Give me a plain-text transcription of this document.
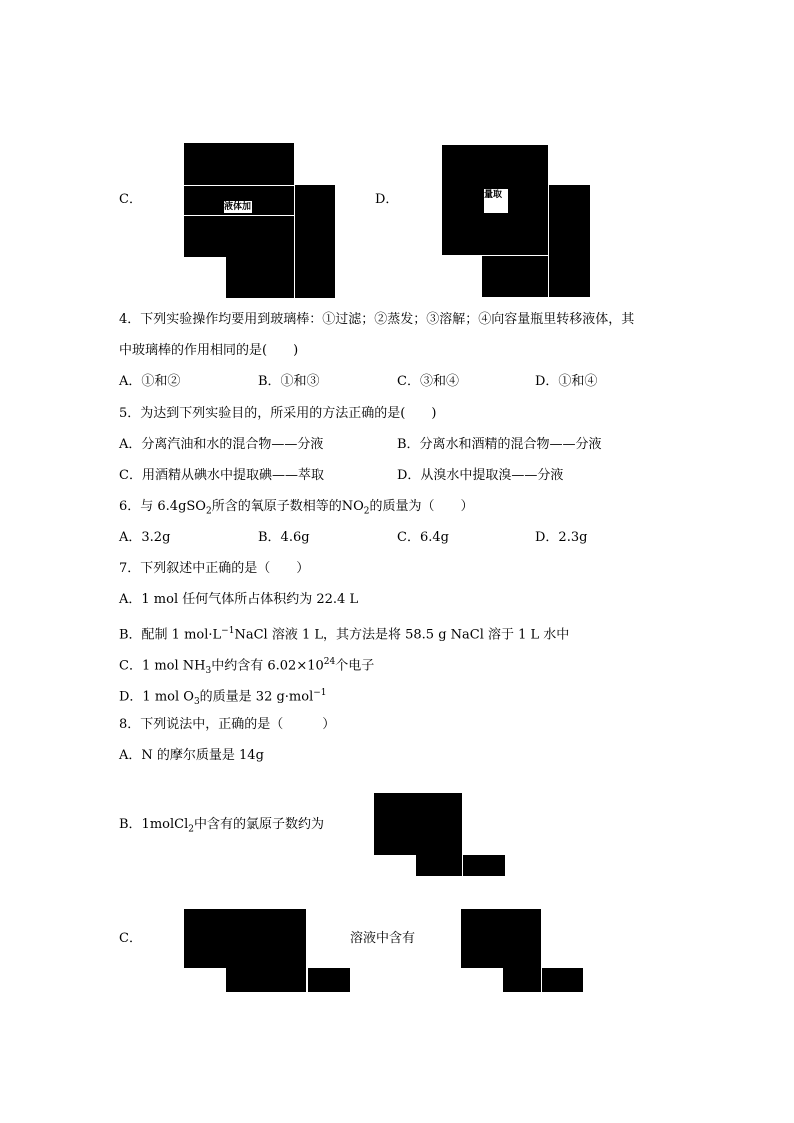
C．	液体加	D．	量取
4．下列实验操作均要用到玻璃棒：①过滤；②蒸发；③溶解；④向容量瓶里转移液体，其
中玻璃棒的作用相同的是(　　)
A．①和②	B．①和③	C．③和④	D．①和④
5．为达到下列实验目的，所采用的方法正确的是(　　)
A．分离汽油和水的混合物——分液	B．分离水和酒精的混合物——分液
C．用酒精从碘水中提取碘——萃取	D．从溴水中提取溴——分液
6．与 6.4gSO$_2$所含的氧原子数相等的$NO_2$的质量为（　　）
A．3.2g	B．4.6g	C．6.4g	D．2.3g
7．下列叙述中正确的是（　　）
A．1 mol 任何气体所占体积约为 22.4 L
B．配制 1 $mol\cdot L^{-1}NaCl$ 溶液 1 L，其方法是将 58.5 g NaCl 溶于 1 L 水中
C．1 mol $NH_3$中约含有 $6.02\times 10^{24}$个电子
D．1 mol $O_3$的质量是 32 g·mol$^{-1}$
8．下列说法中，正确的是（　　　）
A．N 的摩尔质量是 14g
B．1molCl$_2$中含有的氯原子数约为
C．	溶液中含有
